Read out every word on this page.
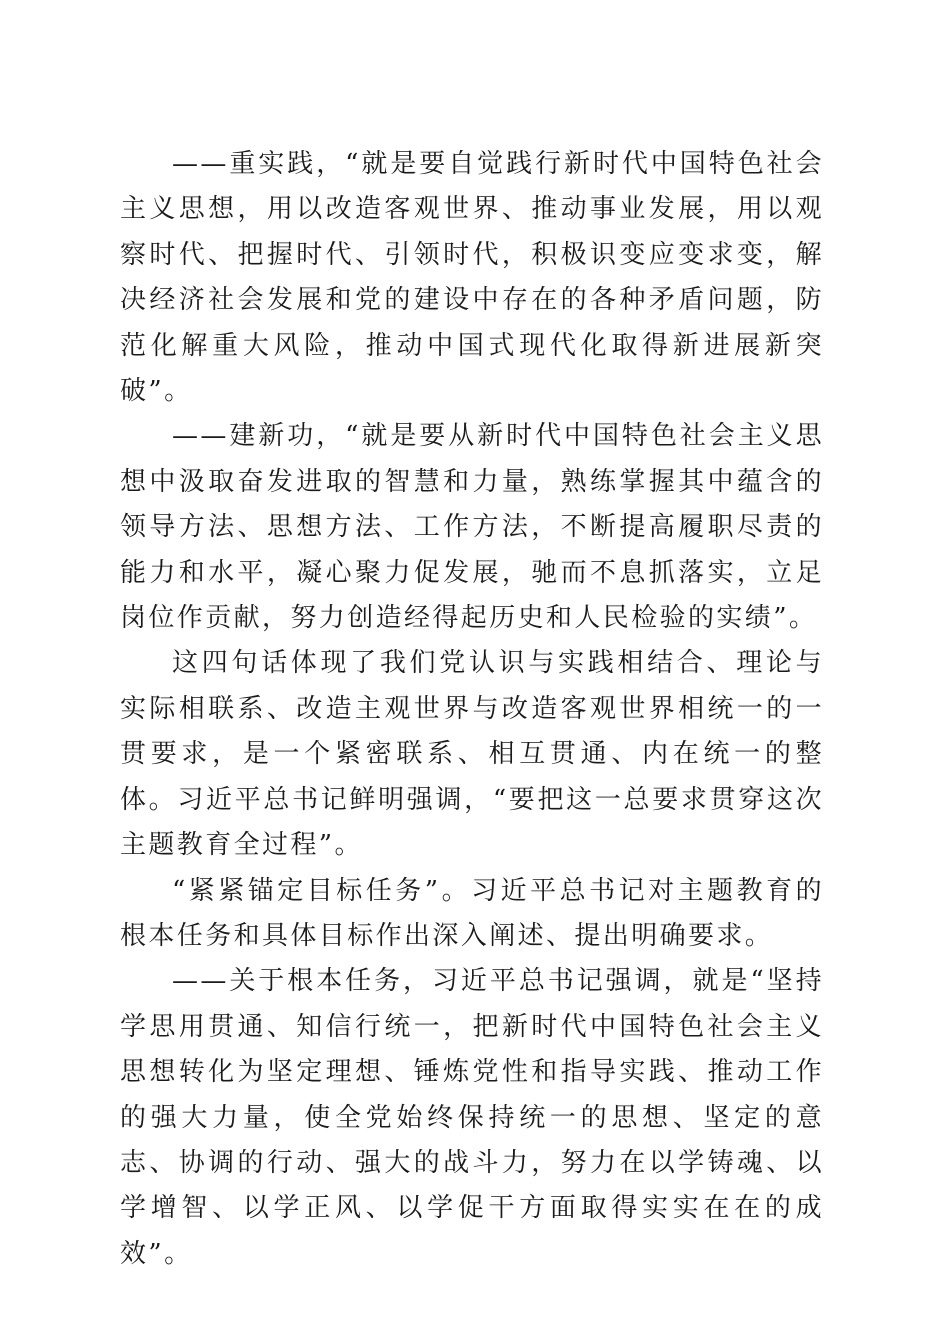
——重实践，“就是要自觉践行新时代中国特色社会主义思想，用以改造客观世界、推动事业发展，用以观察时代、把握时代、引领时代，积极识变应变求变，解决经济社会发展和党的建设中存在的各种矛盾问题，防范化解重大风险，推动中国式现代化取得新进展新突破”。

——建新功，“就是要从新时代中国特色社会主义思想中汲取奋发进取的智慧和力量，熟练掌握其中蕴含的领导方法、思想方法、工作方法，不断提高履职尽责的能力和水平，凝心聚力促发展，驰而不息抓落实，立足岗位作贡献，努力创造经得起历史和人民检验的实绩”。

这四句话体现了我们党认识与实践相结合、理论与实际相联系、改造主观世界与改造客观世界相统一的一贯要求，是一个紧密联系、相互贯通、内在统一的整体。习近平总书记鲜明强调，“要把这一总要求贯穿这次主题教育全过程”。

“紧紧锚定目标任务”。习近平总书记对主题教育的根本任务和具体目标作出深入阐述、提出明确要求。

——关于根本任务，习近平总书记强调，就是“坚持学思用贯通、知信行统一，把新时代中国特色社会主义思想转化为坚定理想、锤炼党性和指导实践、推动工作的强大力量，使全党始终保持统一的思想、坚定的意志、协调的行动、强大的战斗力，努力在以学铸魂、以学增智、以学正风、以学促干方面取得实实在在的成效”。
